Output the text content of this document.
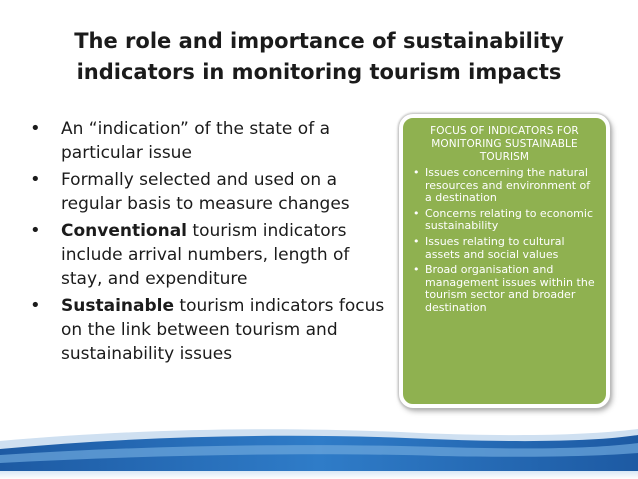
The role and importance of sustainability
indicators in monitoring tourism impacts
• An “indication” of the state of a particular issue
• Formally selected and used on a regular basis to measure changes
• Conventional tourism indicators include arrival numbers, length of stay, and expenditure
• Sustainable tourism indicators focus on the link between tourism and sustainability issues
FOCUS OF INDICATORS FOR MONITORING SUSTAINABLE TOURISM
• Issues concerning the natural resources and environment of a destination
• Concerns relating to economic sustainability
• Issues relating to cultural assets and social values
• Broad organisation and management issues within the tourism sector and broader destination
